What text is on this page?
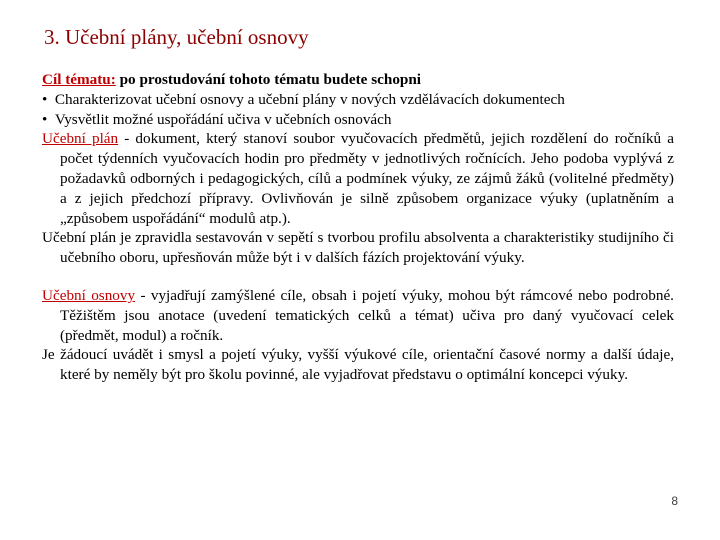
3. Učební plány, učební osnovy

Cíl tématu: po prostudování tohoto tématu budete schopni

• Charakterizovat učební osnovy a učební plány v nových vzdělávacích dokumentech

• Vysvětlit možné uspořádání učiva v učebních osnovách

Učební plán - dokument, který stanoví soubor vyučovacích předmětů, jejich rozdělení do ročníků a počet týdenních vyučovacích hodin pro předměty v jednotlivých ročnících. Jeho podoba vyplývá z požadavků odborných i pedagogických, cílů a podmínek výuky, ze zájmů žáků (volitelné předměty) a z jejich předchozí přípravy. Ovlivňován je silně způsobem organizace výuky (uplatněním a „způsobem uspořádání“ modulů atp.).

Učební plán je zpravidla sestavován v sepětí s tvorbou profilu absolventa a charakteristiky studijního či učebního oboru, upřesňován může být i v dalších fázích projektování výuky.

Učební osnovy - vyjadřují zamýšlené cíle, obsah i pojetí výuky, mohou být rámcové nebo podrobné. Těžištěm jsou anotace (uvedení tematických celků a témat) učiva pro daný vyučovací celek (předmět, modul) a ročník.

Je žádoucí uvádět i smysl a pojetí výuky, vyšší výukové cíle, orientační časové normy a další údaje, které by neměly být pro školu povinné, ale vyjadřovat představu o optimální koncepci výuky.

8
